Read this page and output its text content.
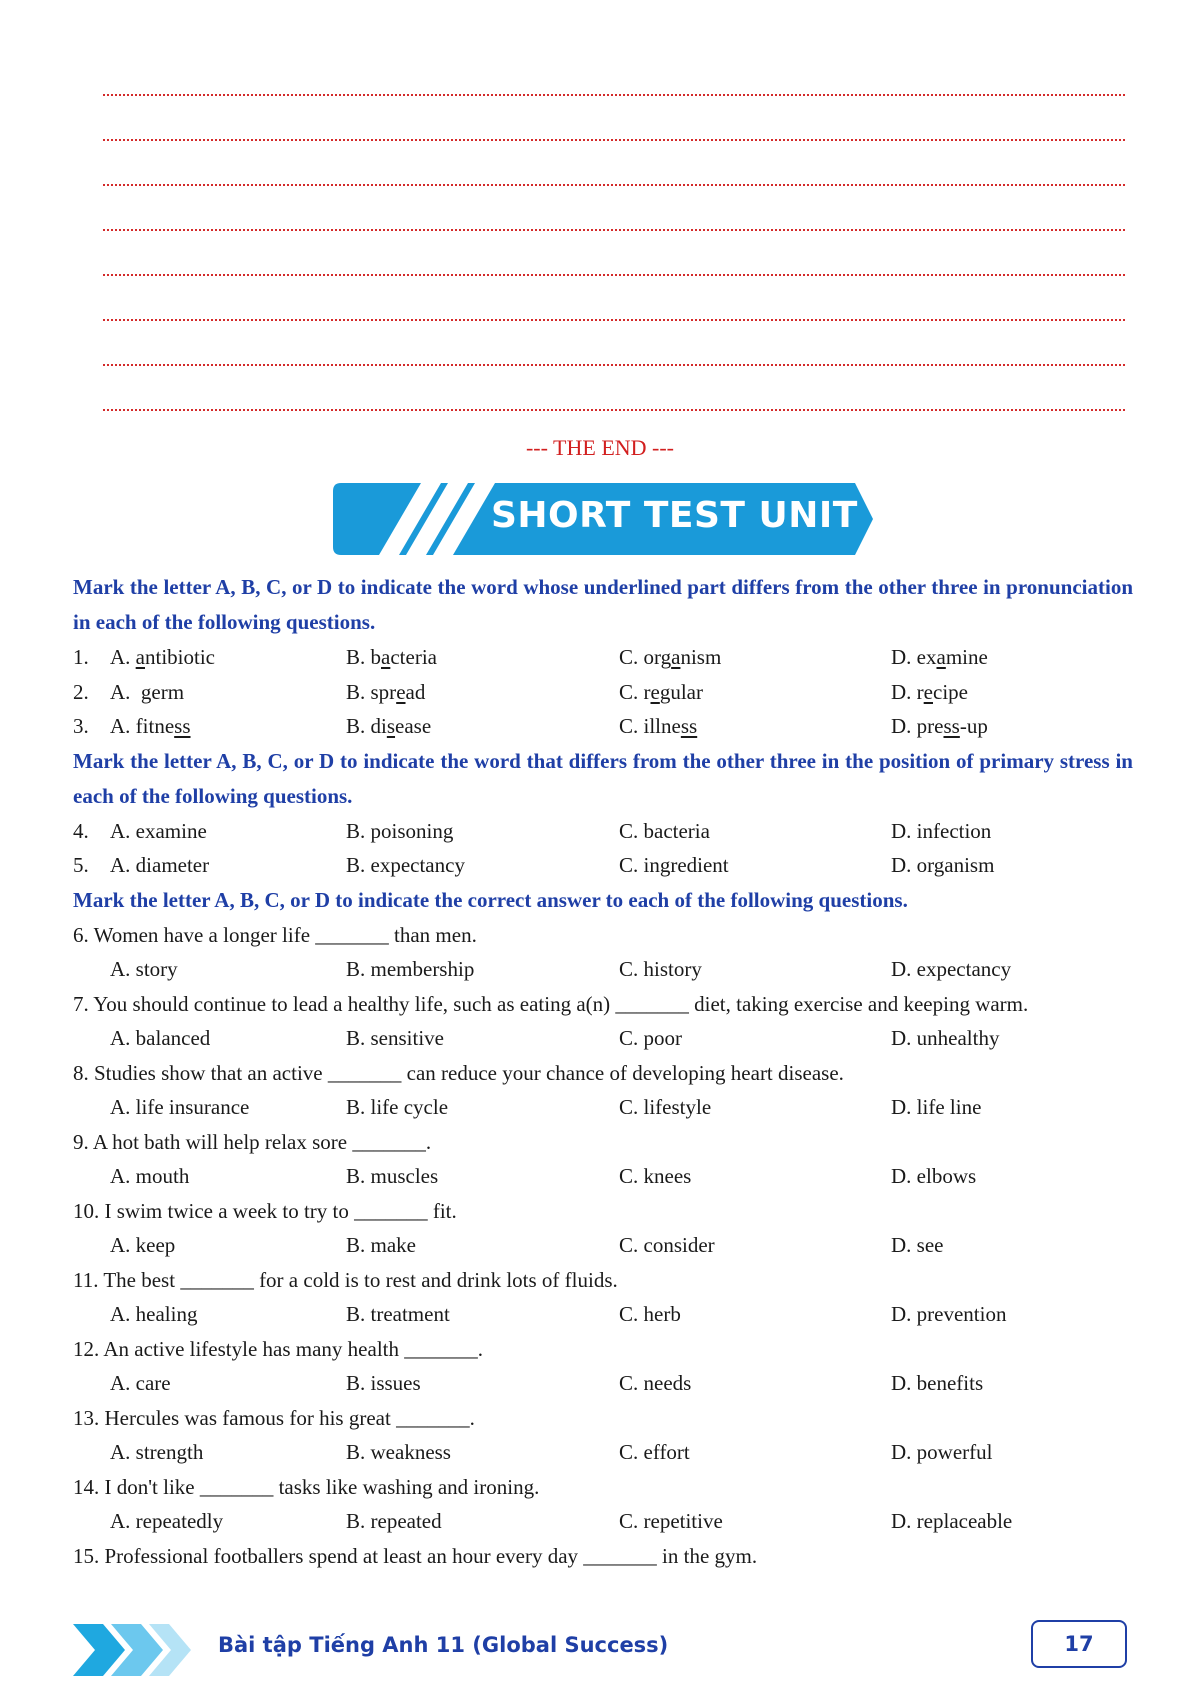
--- THE END ---
SHORT TEST UNIT 1

Mark the letter A, B, C, or D to indicate the word whose underlined part differs from the other three in pronunciation in each of the following questions.

1. A. antibiotic	B. bacteria	C. organism	D. examine
2. A.  germ	B. spread	C. regular	D. recipe
3. A. fitness	B. disease	C. illness	D. press-up

Mark the letter A, B, C, or D to indicate the word that differs from the other three in the position of primary stress in each of the following questions.

4. A. examine	B. poisoning	C. bacteria	D. infection
5. A. diameter	B. expectancy	C. ingredient	D. organism

Mark the letter A, B, C, or D to indicate the correct answer to each of the following questions.

6. Women have a longer life _______ than men.

A. story	B. membership	C. history	D. expectancy

7. You should continue to lead a healthy life, such as eating a(n) _______ diet, taking exercise and keeping warm.

A. balanced	B. sensitive	C. poor	D. unhealthy

8. Studies show that an active _______ can reduce your chance of developing heart disease.

A. life insurance	B. life cycle	C. lifestyle	D. life line

9. A hot bath will help relax sore _______.

A. mouth	B. muscles	C. knees	D. elbows

10. I swim twice a week to try to _______ fit.

A. keep	B. make	C. consider	D. see

11. The best _______ for a cold is to rest and drink lots of fluids.

A. healing	B. treatment	C. herb	D. prevention

12. An active lifestyle has many health _______.

A. care	B. issues	C. needs	D. benefits

13. Hercules was famous for his great _______.

A. strength	B. weakness	C. effort	D. powerful

14. I don't like _______ tasks like washing and ironing.

A. repeatedly	B. repeated	C. repetitive	D. replaceable

15. Professional footballers spend at least an hour every day _______ in the gym.

Bài tập Tiếng Anh 11 (Global Success)	17
